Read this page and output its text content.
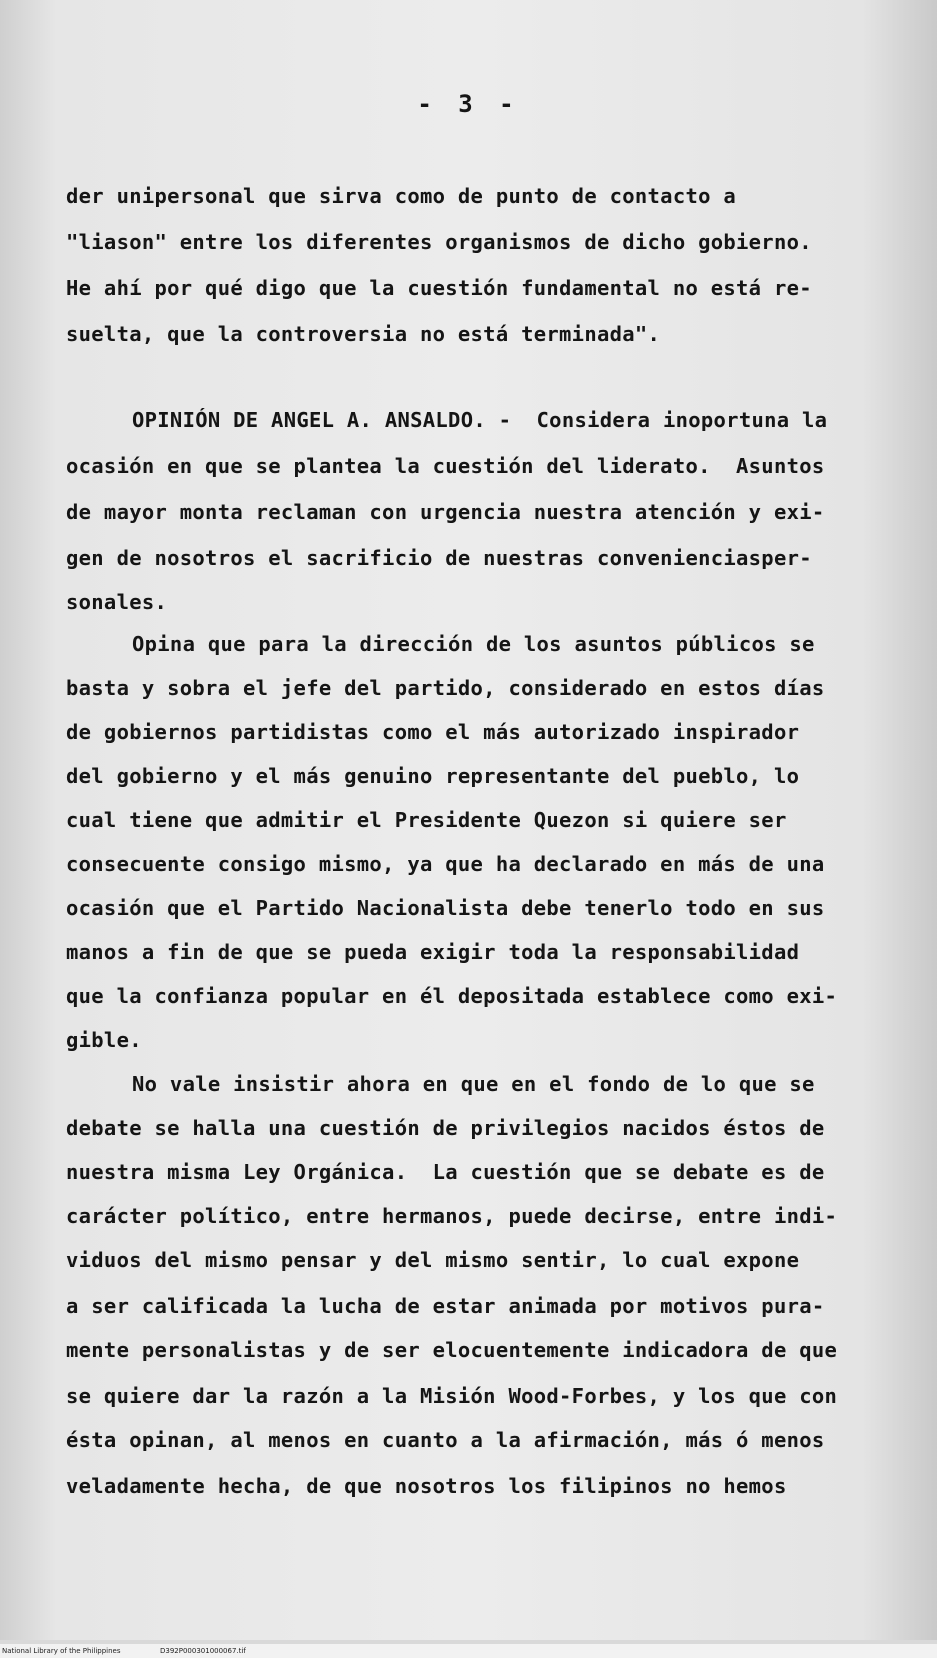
- 3 -
der unipersonal que sirva como de punto de contacto a
"liason" entre los diferentes organismos de dicho gobierno.
He ahí por qué digo que la cuestión fundamental no está re-
suelta, que la controversia no está terminada".
OPINIÓN DE ANGEL A. ANSALDO. -  Considera inoportuna la
ocasión en que se plantea la cuestión del liderato.  Asuntos
de mayor monta reclaman con urgencia nuestra atención y exi-
gen de nosotros el sacrificio de nuestras convenienciasper-
sonales.
Opina que para la dirección de los asuntos públicos se
basta y sobra el jefe del partido, considerado en estos días
de gobiernos partidistas como el más autorizado inspirador
del gobierno y el más genuino representante del pueblo, lo
cual tiene que admitir el Presidente Quezon si quiere ser
consecuente consigo mismo, ya que ha declarado en más de una
ocasión que el Partido Nacionalista debe tenerlo todo en sus
manos a fin de que se pueda exigir toda la responsabilidad
que la confianza popular en él depositada establece como exi-
gible.
No vale insistir ahora en que en el fondo de lo que se
debate se halla una cuestión de privilegios nacidos éstos de
nuestra misma Ley Orgánica.  La cuestión que se debate es de
carácter político, entre hermanos, puede decirse, entre indi-
viduos del mismo pensar y del mismo sentir, lo cual expone
a ser calificada la lucha de estar animada por motivos pura-
mente personalistas y de ser elocuentemente indicadora de que
se quiere dar la razón a la Misión Wood-Forbes, y los que con
ésta opinan, al menos en cuanto a la afirmación, más ó menos
veladamente hecha, de que nosotros los filipinos no hemos
National Library of the Philippines	D392P000301000067.tif
